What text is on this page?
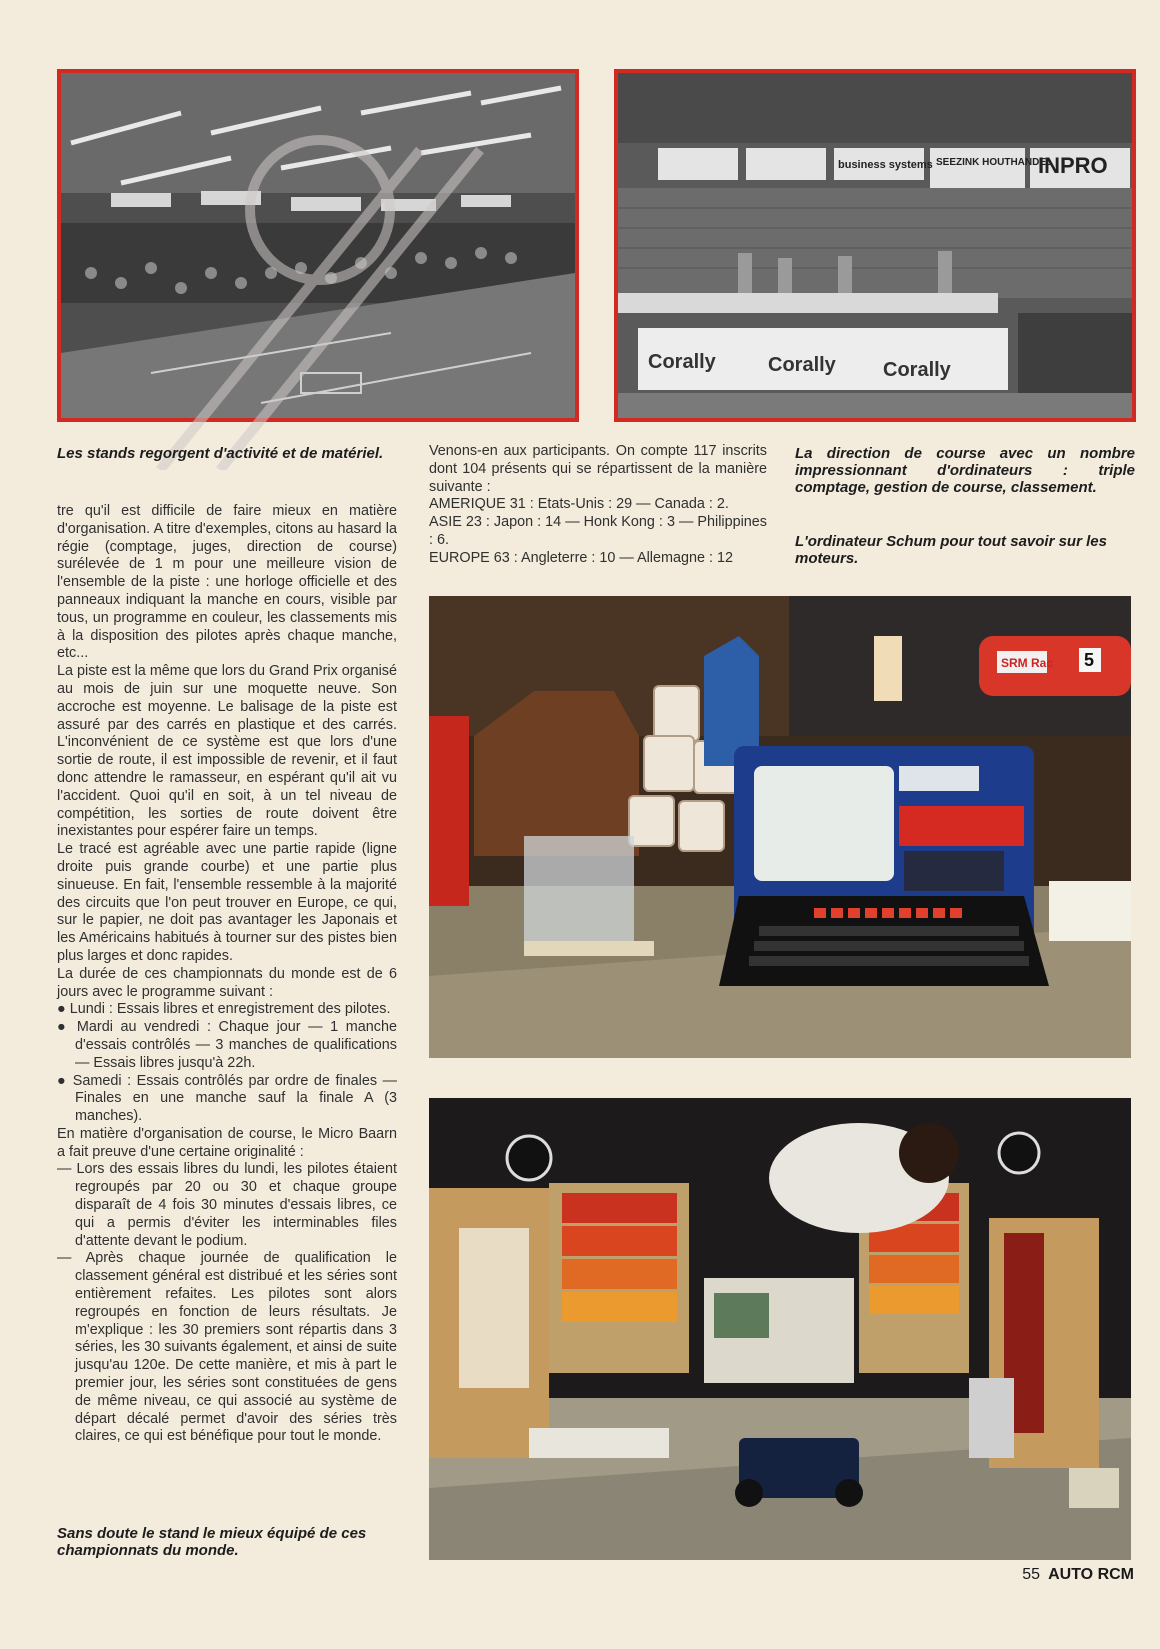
business systems SEEZINK HOUTHANDEL
INPRO
Corally	Corally Corally

Les stands regorgent d'activité et de matériel.	La direction de course avec un nombre impressionnant d'ordinateurs : triple comptage, gestion de course, classement.

L'ordinateur Schum pour tout savoir sur les moteurs.

Venons-en aux participants. On compte 117 inscrits dont 104 présents qui se répartissent de la manière suivante :

AMERIQUE 31 : Etats-Unis : 29 — Canada : 2.

ASIE 23 : Japon : 14 — Honk Kong : 3 — Philippines : 6.

EUROPE 63 : Angleterre : 10 — Allemagne : 12

tre qu'il est difficile de faire mieux en matière d'organisation. A titre d'exemples, citons au hasard la régie (comptage, juges, direction de course) surélevée de 1 m pour une meilleure vision de l'ensemble de la piste : une horloge officielle et des panneaux indiquant la manche en cours, visible par tous, un programme en couleur, les classements mis à la disposition des pilotes après chaque manche, etc...

La piste est la même que lors du Grand Prix organisé au mois de juin sur une moquette neuve. Son accroche est moyenne. Le balisage de la piste est assuré par des carrés en plastique et des carrés. L'inconvénient de ce système est que lors d'une sortie de route, il est impossible de revenir, et il faut donc attendre le ramasseur, en espérant qu'il ait vu l'accident. Quoi qu'il en soit, à un tel niveau de compétition, les sorties de route doivent être inexistantes pour espérer faire un temps.

Le tracé est agréable avec une partie rapide (ligne droite puis grande courbe) et une partie plus sinueuse. En fait, l'ensemble ressemble à la majorité des circuits que l'on peut trouver en Europe, ce qui, sur le papier, ne doit pas avantager les Japonais et les Américains habitués à tourner sur des pistes bien plus larges et donc rapides.

La durée de ces championnats du monde est de 6 jours avec le programme suivant :

● Lundi : Essais libres et enregistrement des pilotes.

● Mardi au vendredi : Chaque jour — 1 manche d'essais contrôlés — 3 manches de qualifications — Essais libres jusqu'à 22h.

● Samedi : Essais contrôlés par ordre de finales — Finales en une manche sauf la finale A (3 manches).

En matière d'organisation de course, le Micro Baarn a fait preuve d'une certaine originalité :

— Lors des essais libres du lundi, les pilotes étaient regroupés par 20 ou 30 et chaque groupe disparaît de 4 fois 30 minutes d'essais libres, ce qui a permis d'éviter les interminables files d'attente devant le podium.

— Après chaque journée de qualification le classement général est distribué et les séries sont entièrement refaites. Les pilotes sont alors regroupés en fonction de leurs résultats. Je m'explique : les 30 premiers sont répartis dans 3 séries, les 30 suivants également, et ainsi de suite jusqu'au 120e. De cette manière, et mis à part le premier jour, les séries sont constituées de gens de même niveau, ce qui associé au système de départ décalé permet d'avoir des séries très claires, ce qui est bénéfique pour tout le monde.

Sans doute le stand le mieux équipé de ces championnats du monde.

SRM Rac 5
55 AUTO RCM
